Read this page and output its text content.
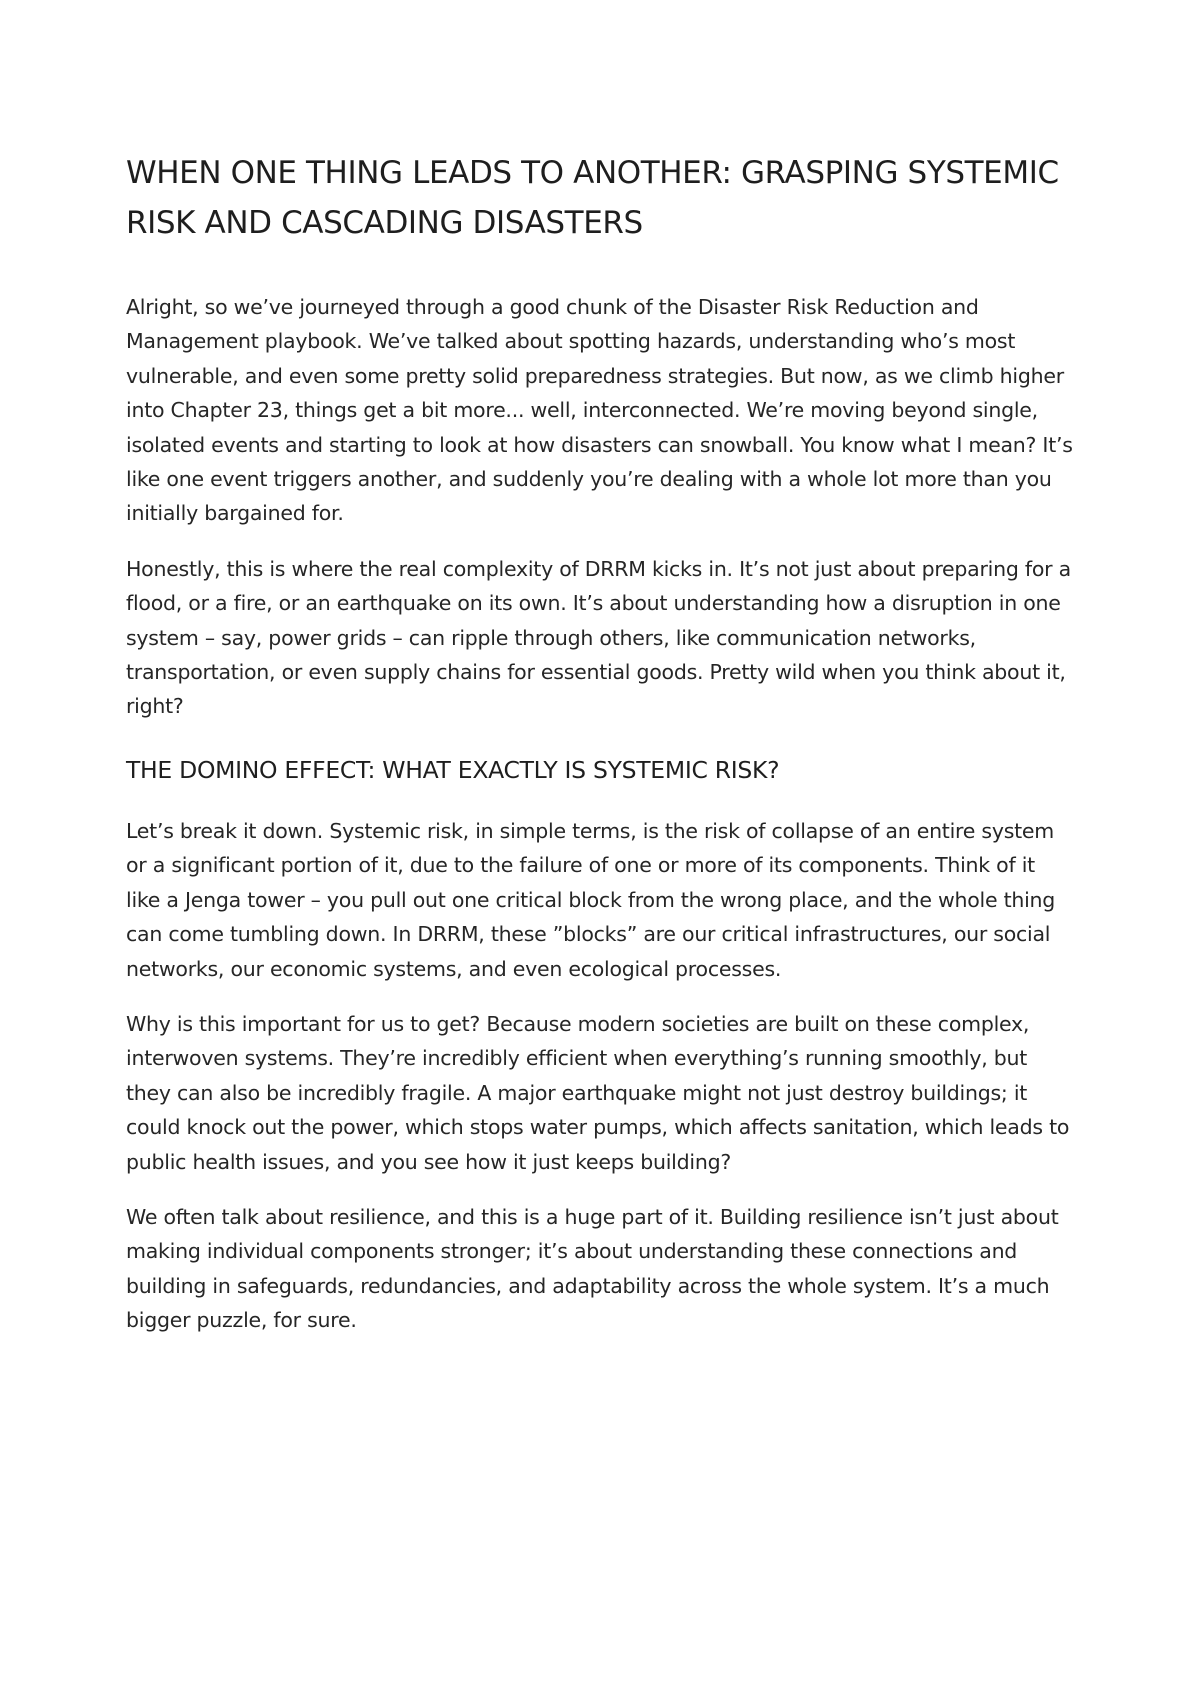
WHEN ONE THING LEADS TO ANOTHER: GRASPING SYSTEMIC RISK AND CASCADING DISASTERS

Alright, so we’ve journeyed through a good chunk of the Disaster Risk Reduction and Management playbook. We’ve talked about spotting hazards, understanding who’s most vulnerable, and even some pretty solid preparedness strategies. But now, as we climb higher into Chapter 23, things get a bit more... well, interconnected. We’re moving beyond single, isolated events and starting to look at how disasters can snowball. You know what I mean? It’s like one event triggers another, and suddenly you’re dealing with a whole lot more than you initially bargained for.

Honestly, this is where the real complexity of DRRM kicks in. It’s not just about preparing for a flood, or a fire, or an earthquake on its own. It’s about understanding how a disruption in one system – say, power grids – can ripple through others, like communication networks, transportation, or even supply chains for essential goods. Pretty wild when you think about it, right?

THE DOMINO EFFECT: WHAT EXACTLY IS SYSTEMIC RISK?

Let’s break it down. Systemic risk, in simple terms, is the risk of collapse of an entire system or a significant portion of it, due to the failure of one or more of its components. Think of it like a Jenga tower – you pull out one critical block from the wrong place, and the whole thing can come tumbling down. In DRRM, these ”blocks” are our critical infrastructures, our social networks, our economic systems, and even ecological processes.

Why is this important for us to get? Because modern societies are built on these complex, interwoven systems. They’re incredibly efficient when everything’s running smoothly, but they can also be incredibly fragile. A major earthquake might not just destroy buildings; it could knock out the power, which stops water pumps, which affects sanitation, which leads to public health issues, and you see how it just keeps building?

We often talk about resilience, and this is a huge part of it. Building resilience isn’t just about making individual components stronger; it’s about understanding these connections and building in safeguards, redundancies, and adaptability across the whole system. It’s a much bigger puzzle, for sure.
